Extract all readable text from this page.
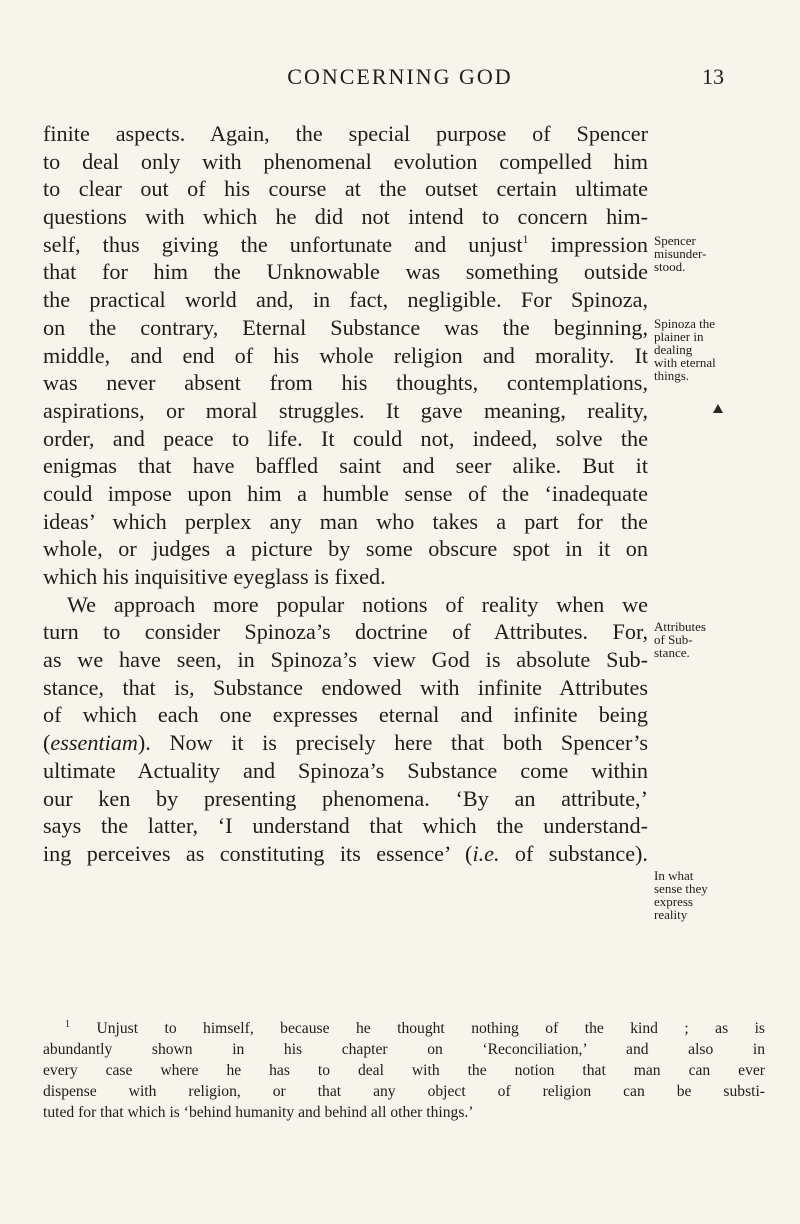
CONCERNING GOD	13
finite aspects. Again, the special purpose of Spencer
to deal only with phenomenal evolution compelled him
to clear out of his course at the outset certain ultimate
questions with which he did not intend to concern him-
self, thus giving the unfortunate and unjust$^1$ impression
that for him the Unknowable was something outside
the practical world and, in fact, negligible. For Spinoza,
on the contrary, Eternal Substance was the beginning,
middle, and end of his whole religion and morality. It
was never absent from his thoughts, contemplations,
aspirations, or moral struggles. It gave meaning, reality,
order, and peace to life. It could not, indeed, solve the
enigmas that have baffled saint and seer alike. But it
could impose upon him a humble sense of the ‘inadequate
ideas’ which perplex any man who takes a part for the
whole, or judges a picture by some obscure spot in it on
which his inquisitive eyeglass is fixed.
We approach more popular notions of reality when we
turn to consider Spinoza’s doctrine of Attributes. For,
as we have seen, in Spinoza’s view God is absolute Sub-
stance, that is, Substance endowed with infinite Attributes
of which each one expresses eternal and infinite being
(essentiam). Now it is precisely here that both Spencer’s
ultimate Actuality and Spinoza’s Substance come within
our ken by presenting phenomena. ‘By an attribute,’
says the latter, ‘I understand that which the understand-
ing perceives as constituting its essence’ (i.e. of substance).
Spencer
misunder-
stood.
Spinoza the
plainer in
dealing
with eternal
things.
Attributes
of Sub-
stance.
In what
sense they
express
reality
$^1$ Unjust to himself, because he thought nothing of the kind ; as is
abundantly shown in his chapter on ‘Reconciliation,’ and also in
every case where he has to deal with the notion that man can ever
dispense with religion, or that any object of religion can be substi-
tuted for that which is ‘behind humanity and behind all other things.’
